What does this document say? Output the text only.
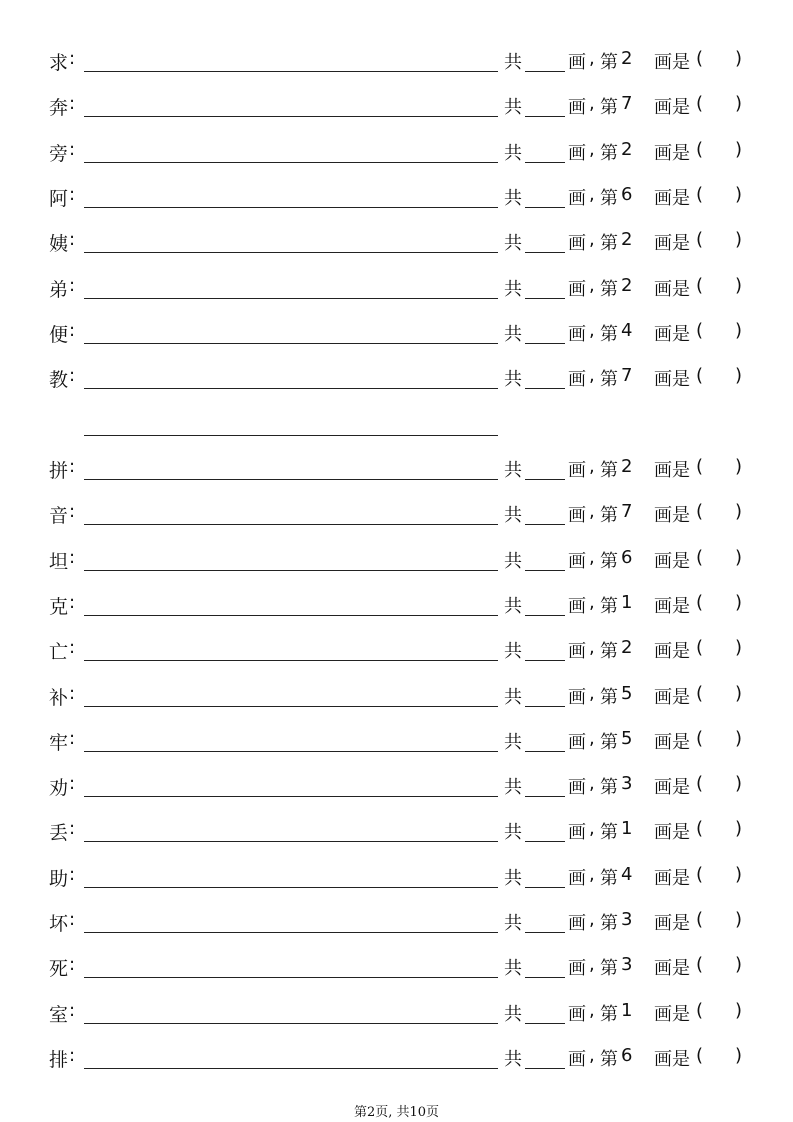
求 :	共	画 , 第 2 画是 ( )
奔 :	共	画 , 第 7 画是 ( )
旁 :	共	画 , 第 2 画是 ( )
阿 :	共	画 , 第 6 画是 ( )
姨 :	共	画 , 第 2 画是 ( )
弟 :	共	画 , 第 2 画是 ( )
便 :	共	画 , 第 4 画是 ( )
教 :	共	画 , 第 7 画是 ( )
拼 :	共	画 , 第 2 画是 ( )
音 :	共	画 , 第 7 画是 ( )
坦 :	共	画 , 第 6 画是 ( )
克 :	共	画 , 第 1 画是 ( )
亡 :	共	画 , 第 2 画是 ( )
补 :	共	画 , 第 5 画是 ( )
牢 :	共	画 , 第 5 画是 ( )
劝 :	共	画 , 第 3 画是 ( )
丢 :	共	画 , 第 1 画是 ( )
助 :	共	画 , 第 4 画是 ( )
坏 :	共	画 , 第 3 画是 ( )
死 :	共	画 , 第 3 画是 ( )
室 :	共	画 , 第 1 画是 ( )
排 :	共	画 , 第 6 画是 ( )
第2页, 共10页
